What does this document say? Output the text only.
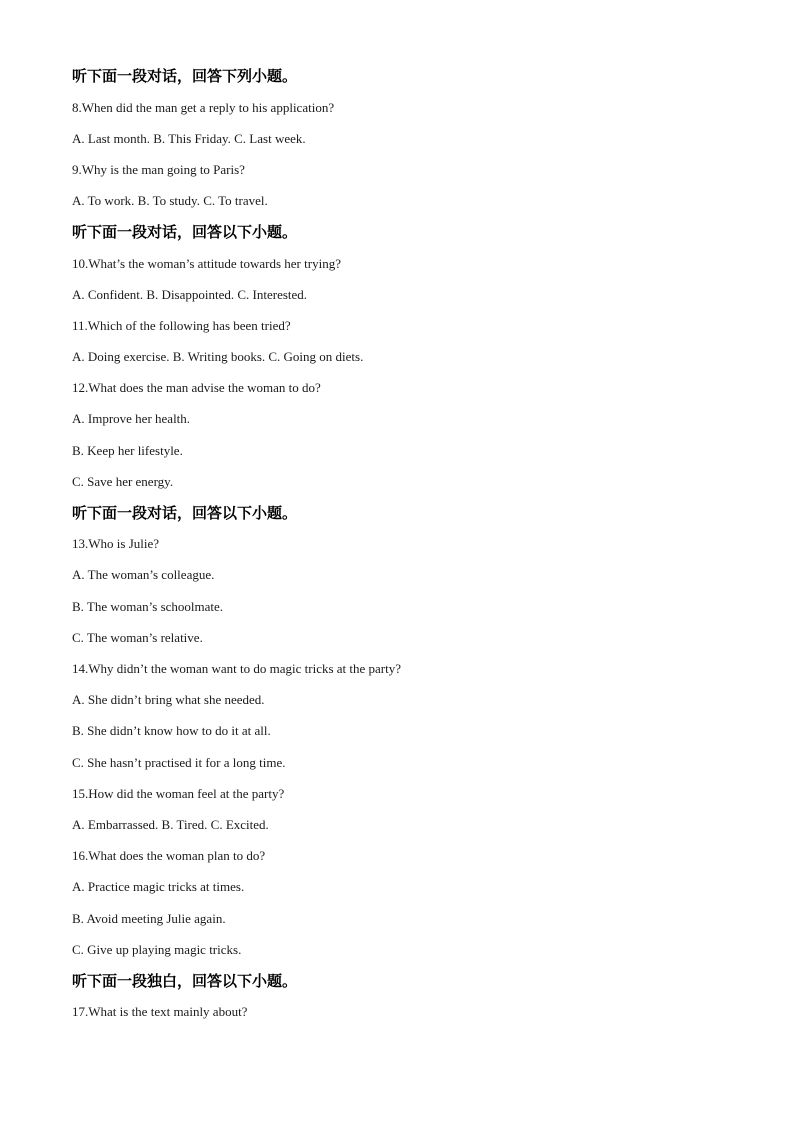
听下面一段对话，回答下列小题。
8.When did the man get a reply to his application?
A. Last month. B. This Friday. C. Last week.
9.Why is the man going to Paris?
A. To work. B. To study. C. To travel.
听下面一段对话，回答以下小题。
10.What’s the woman’s attitude towards her trying?
A. Confident. B. Disappointed. C. Interested.
11.Which of the following has been tried?
A. Doing exercise. B. Writing books. C. Going on diets.
12.What does the man advise the woman to do?
A. Improve her health.
B. Keep her lifestyle.
C. Save her energy.
听下面一段对话，回答以下小题。
13.Who is Julie?
A. The woman’s colleague.
B. The woman’s schoolmate.
C. The woman’s relative.
14.Why didn’t the woman want to do magic tricks at the party?
A. She didn’t bring what she needed.
B. She didn’t know how to do it at all.
C. She hasn’t practised it for a long time.
15.How did the woman feel at the party?
A. Embarrassed. B. Tired. C. Excited.
16.What does the woman plan to do?
A. Practice magic tricks at times.
B. Avoid meeting Julie again.
C. Give up playing magic tricks.
听下面一段独白，回答以下小题。
17.What is the text mainly about?
